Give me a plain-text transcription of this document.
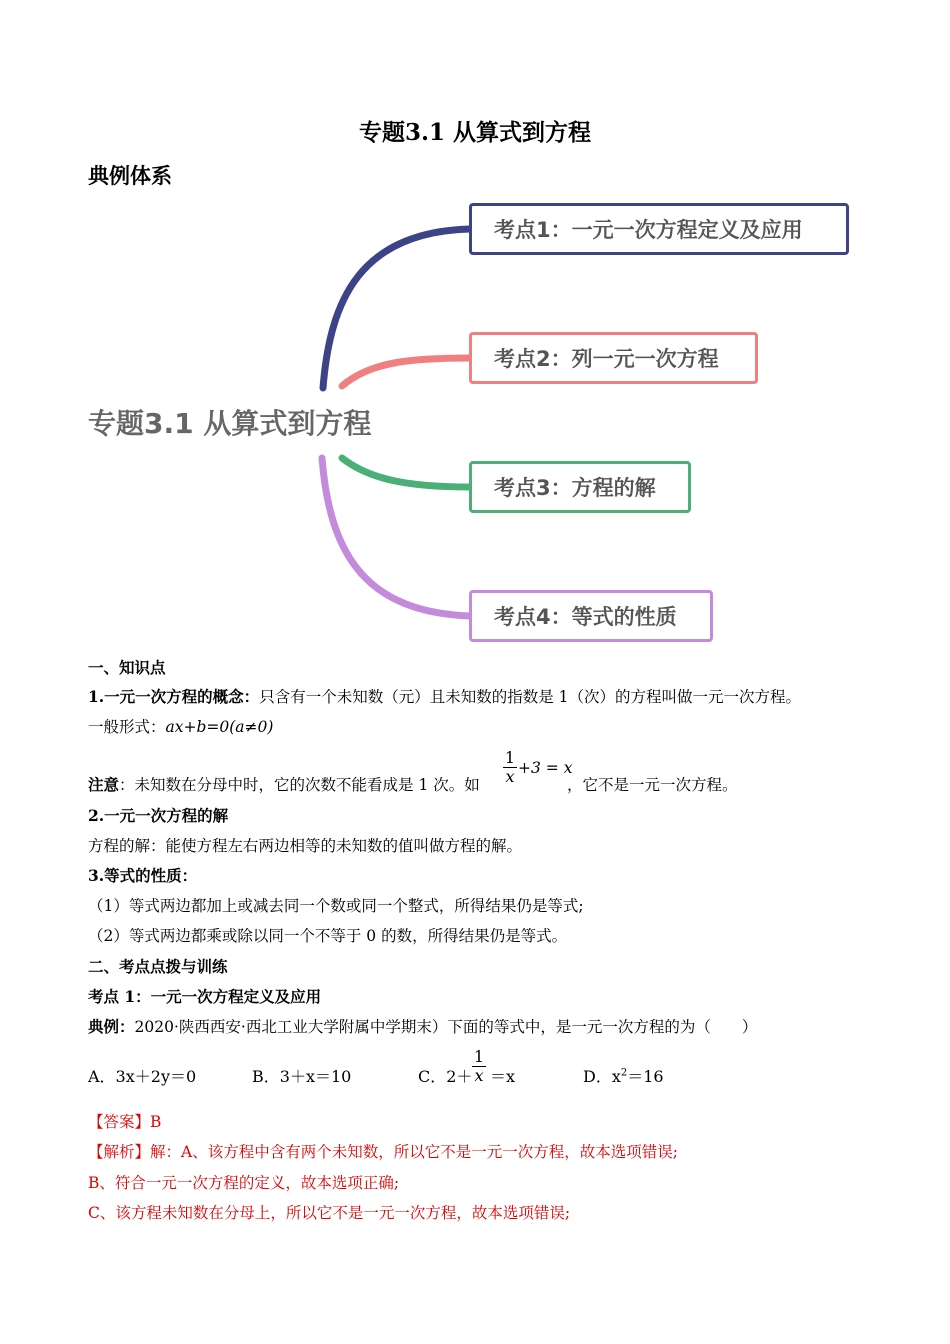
专题3.1 从算式到方程
典例体系
专题3.1 从算式到方程
考点1：一元一次方程定义及应用
考点2：列一元一次方程
考点3：方程的解
考点4：等式的性质
一、知识点
1.一元一次方程的概念：只含有一个未知数（元）且未知数的指数是 1（次）的方程叫做一元一次方程。
一般形式：ax+b=0(a≠0)
注意：未知数在分母中时，它的次数不能看成是 1 次。如 $\frac{1}{x} +3 = x$
，它不是一元一次方程。
2.一元一次方程的解
方程的解：能使方程左右两边相等的未知数的值叫做方程的解。
3.等式的性质：
（1）等式两边都加上或减去同一个数或同一个整式，所得结果仍是等式;
（2）等式两边都乘或除以同一个不等于 0 的数，所得结果仍是等式。
二、考点点拨与训练
考点 1：一元一次方程定义及应用
典例：2020·陕西西安·西北工业大学附属中学期末）下面的等式中，是一元一次方程的为（　　）
A．3x＋2y＝0	B．3＋x＝10	C．$2+ \frac{1}{x} =x$	D．$x^2=16$
【答案】B
【解析】解：A、该方程中含有两个未知数，所以它不是一元一次方程，故本选项错误;
B、符合一元一次方程的定义，故本选项正确;
C、该方程未知数在分母上，所以它不是一元一次方程，故本选项错误;
